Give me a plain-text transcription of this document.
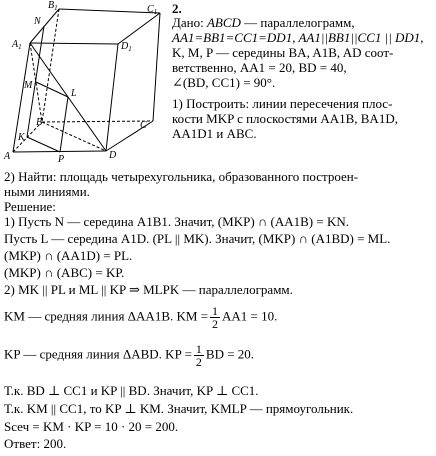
$B_1$	$C_1$
N
$A_1$	$D_1$
M
L
B	C
K
A	P	D
2.
Дано: ABCD — параллелограмм,
AA1=BB1=CC1=DD1, AA1||BB1||CC1 || DD1,
K, M, P — середины BA, A1B, AD соот-
ветственно, AA1 = 20, BD = 40,
∠(BD, CC1) = 90°.
1) Построить: линии пересечения плос-
кости MKP с плоскостями AA1B, BA1D,
AA1D1 и ABC.
2) Найти: площадь четырехугольника, образованного построен-
ными линиями.
Решение:
1) Пусть N — середина A1B1. Значит, (MKP) ∩ (AA1B) = KN.
Пусть L — середина A1D. (PL || MK). Значит, (MKP) ∩ (A1BD) = ML.
(MKP) ∩ (AA1D) = PL.
(MKP) ∩ (ABC) = KP.
2) MK || PL и ML || KP ⇒ MLPK — параллелограмм.
KM — средняя линия ΔAA1B. KM = $\frac{1}{2} AA1 = 10$.
KP — средняя линия ΔABD. KP = $\frac{1}{2}$ BD = 20.
Т.к. BD ⊥ CC1 и KP || BD. Значит, KP ⊥ CC1.
Т.к. KM || CC1, то KP ⊥ KM. Значит, KMLP — прямоугольник.
Sсеч = KM · KP = 10 · 20 = 200.
Ответ: 200.
